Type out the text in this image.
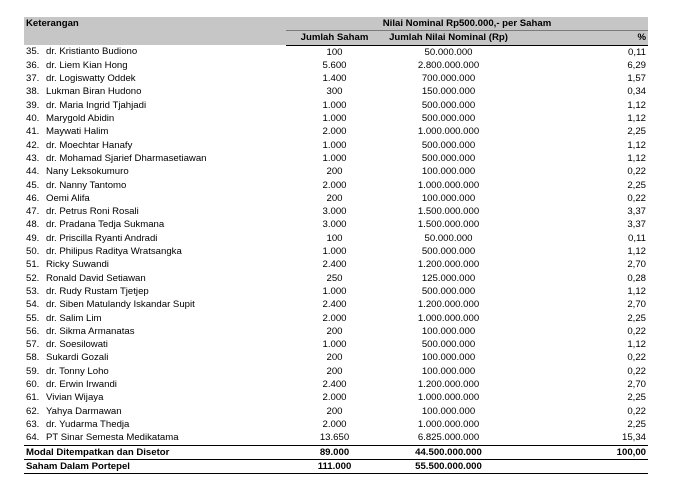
Keterangan		Nilai Nominal Rp500.000,- per Saham		
		Jumlah Saham	Jumlah Nilai Nominal (Rp)	%
35.	dr. Kristianto Budiono	100	50.000.000	0,11
36.	dr. Liem Kian Hong	5.600	2.800.000.000	6,29
37.	dr. Logiswatty Oddek	1.400	700.000.000	1,57
38.	Lukman Biran Hudono	300	150.000.000	0,34
39.	dr. Maria Ingrid Tjahjadi	1.000	500.000.000	1,12
40.	Marygold Abidin	1.000	500.000.000	1,12
41.	Maywati Halim	2.000	1.000.000.000	2,25
42.	dr. Moechtar Hanafy	1.000	500.000.000	1,12
43.	dr. Mohamad Sjarief Dharmasetiawan	1.000	500.000.000	1,12
44.	Nany Leksokumuro	200	100.000.000	0,22
45.	dr. Nanny Tantomo	2.000	1.000.000.000	2,25
46.	Oemi Alifa	200	100.000.000	0,22
47.	dr. Petrus Roni Rosali	3.000	1.500.000.000	3,37
48.	dr. Pradana Tedja Sukmana	3.000	1.500.000.000	3,37
49.	dr. Priscilla Ryanti Andradi	100	50.000.000	0,11
50.	dr. Philipus Raditya Wratsangka	1.000	500.000.000	1,12
51.	Ricky Suwandi	2.400	1.200.000.000	2,70
52.	Ronald David Setiawan	250	125.000.000	0,28
53.	dr. Rudy Rustam Tjetjep	1.000	500.000.000	1,12
54.	dr. Siben Matulandy Iskandar Supit	2.400	1.200.000.000	2,70
55.	dr. Salim Lim	2.000	1.000.000.000	2,25
56.	dr. Sikma Armanatas	200	100.000.000	0,22
57.	dr. Soesilowati	1.000	500.000.000	1,12
58.	Sukardi Gozali	200	100.000.000	0,22
59.	dr. Tonny Loho	200	100.000.000	0,22
60.	dr. Erwin Irwandi	2.400	1.200.000.000	2,70
61.	Vivian Wijaya	2.000	1.000.000.000	2,25
62.	Yahya Darmawan	200	100.000.000	0,22
63.	dr. Yudarma Thedja	2.000	1.000.000.000	2,25
64.	PT Sinar Semesta Medikatama	13.650	6.825.000.000	15,34
Modal Ditempatkan dan Disetor		89.000	44.500.000.000	100,00
Saham Dalam Portepel		111.000	55.500.000.000	
